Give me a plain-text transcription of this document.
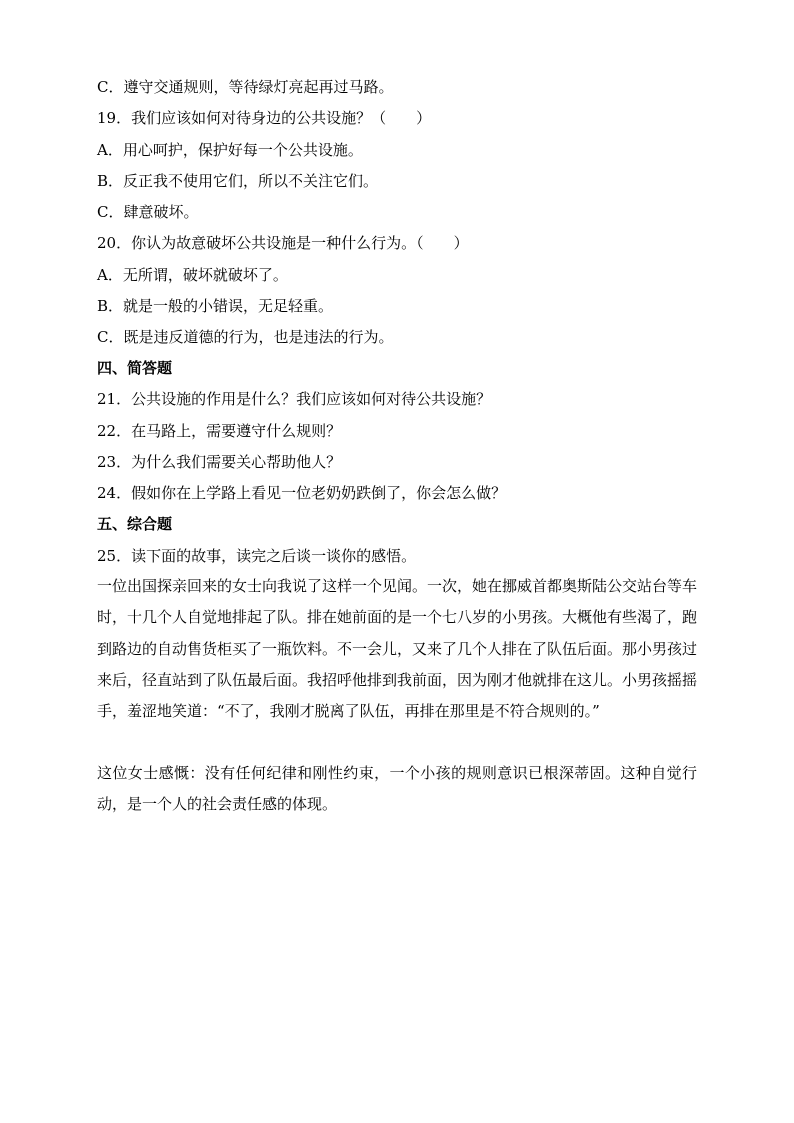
C．遵守交通规则，等待绿灯亮起再过马路。
19．我们应该如何对待身边的公共设施？（　　）
A．用心呵护，保护好每一个公共设施。
B．反正我不使用它们，所以不关注它们。
C．肆意破坏。
20．你认为故意破坏公共设施是一种什么行为。（　　）
A．无所谓，破坏就破坏了。
B．就是一般的小错误，无足轻重。
C．既是违反道德的行为，也是违法的行为。
四、简答题
21．公共设施的作用是什么？我们应该如何对待公共设施？
22．在马路上，需要遵守什么规则？
23．为什么我们需要关心帮助他人？
24．假如你在上学路上看见一位老奶奶跌倒了，你会怎么做？
五、综合题
25．读下面的故事，读完之后谈一谈你的感悟。
一位出国探亲回来的女士向我说了这样一个见闻。一次，她在挪威首都奥斯陆公交站台等车时，十几个人自觉地排起了队。排在她前面的是一个七八岁的小男孩。大概他有些渴了，跑到路边的自动售货柜买了一瓶饮料。不一会儿，又来了几个人排在了队伍后面。那小男孩过来后，径直站到了队伍最后面。我招呼他排到我前面，因为刚才他就排在这儿。小男孩摇摇手，羞涩地笑道：“不了，我刚才脱离了队伍，再排在那里是不符合规则的。”
这位女士感慨：没有任何纪律和刚性约束，一个小孩的规则意识已根深蒂固。这种自觉行动，是一个人的社会责任感的体现。
